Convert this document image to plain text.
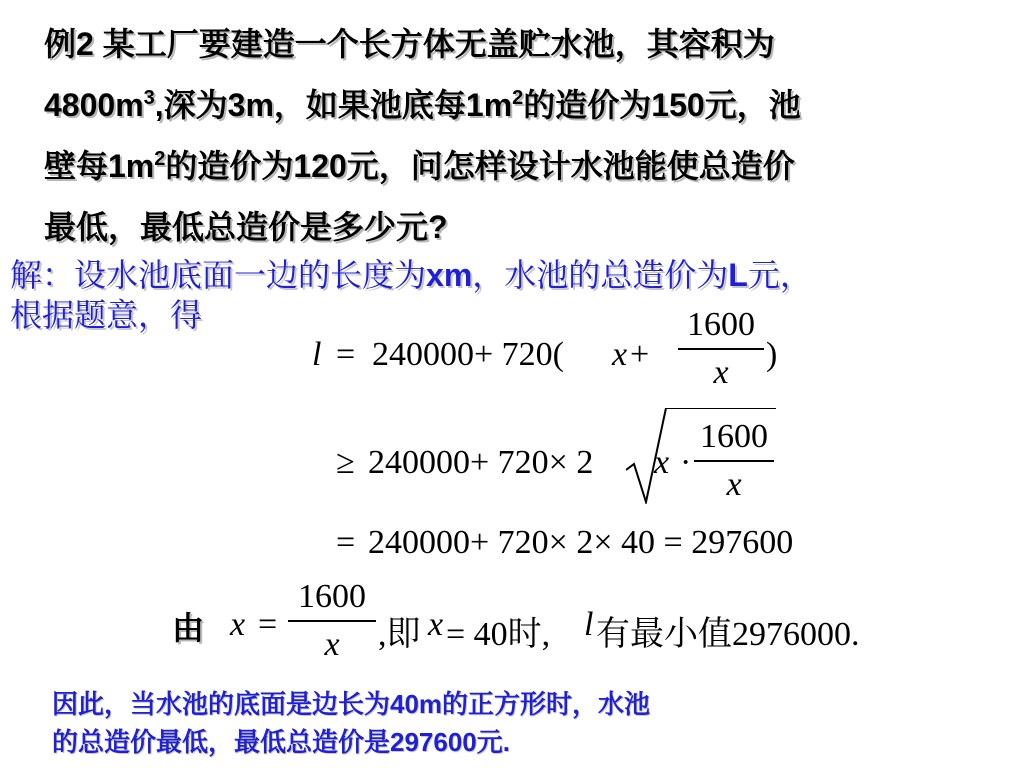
例2 某工厂要建造一个长方体无盖贮水池，其容积为
$4800m^3$,深为3m，如果池底每$1m^2$的造价为150元，池
壁每$1m^2$的造价为120元，问怎样设计水池能使总造价
最低，最低总造价是多少元?
解：设水池底面一边的长度为xm，水池的总造价为L元，
根据题意，得
l = 240000+ 720( x +
1600
x	)
≥ 240000+ 720× 2 x ·
1600
x
= 240000+ 720× 2× 40 = 297600
由 x =
1600
x	,即 x = 40时, l 有最小值2976000.
因此，当水池的底面是边长为40m的正方形时，水池
的总造价最低，最低总造价是297600元.
